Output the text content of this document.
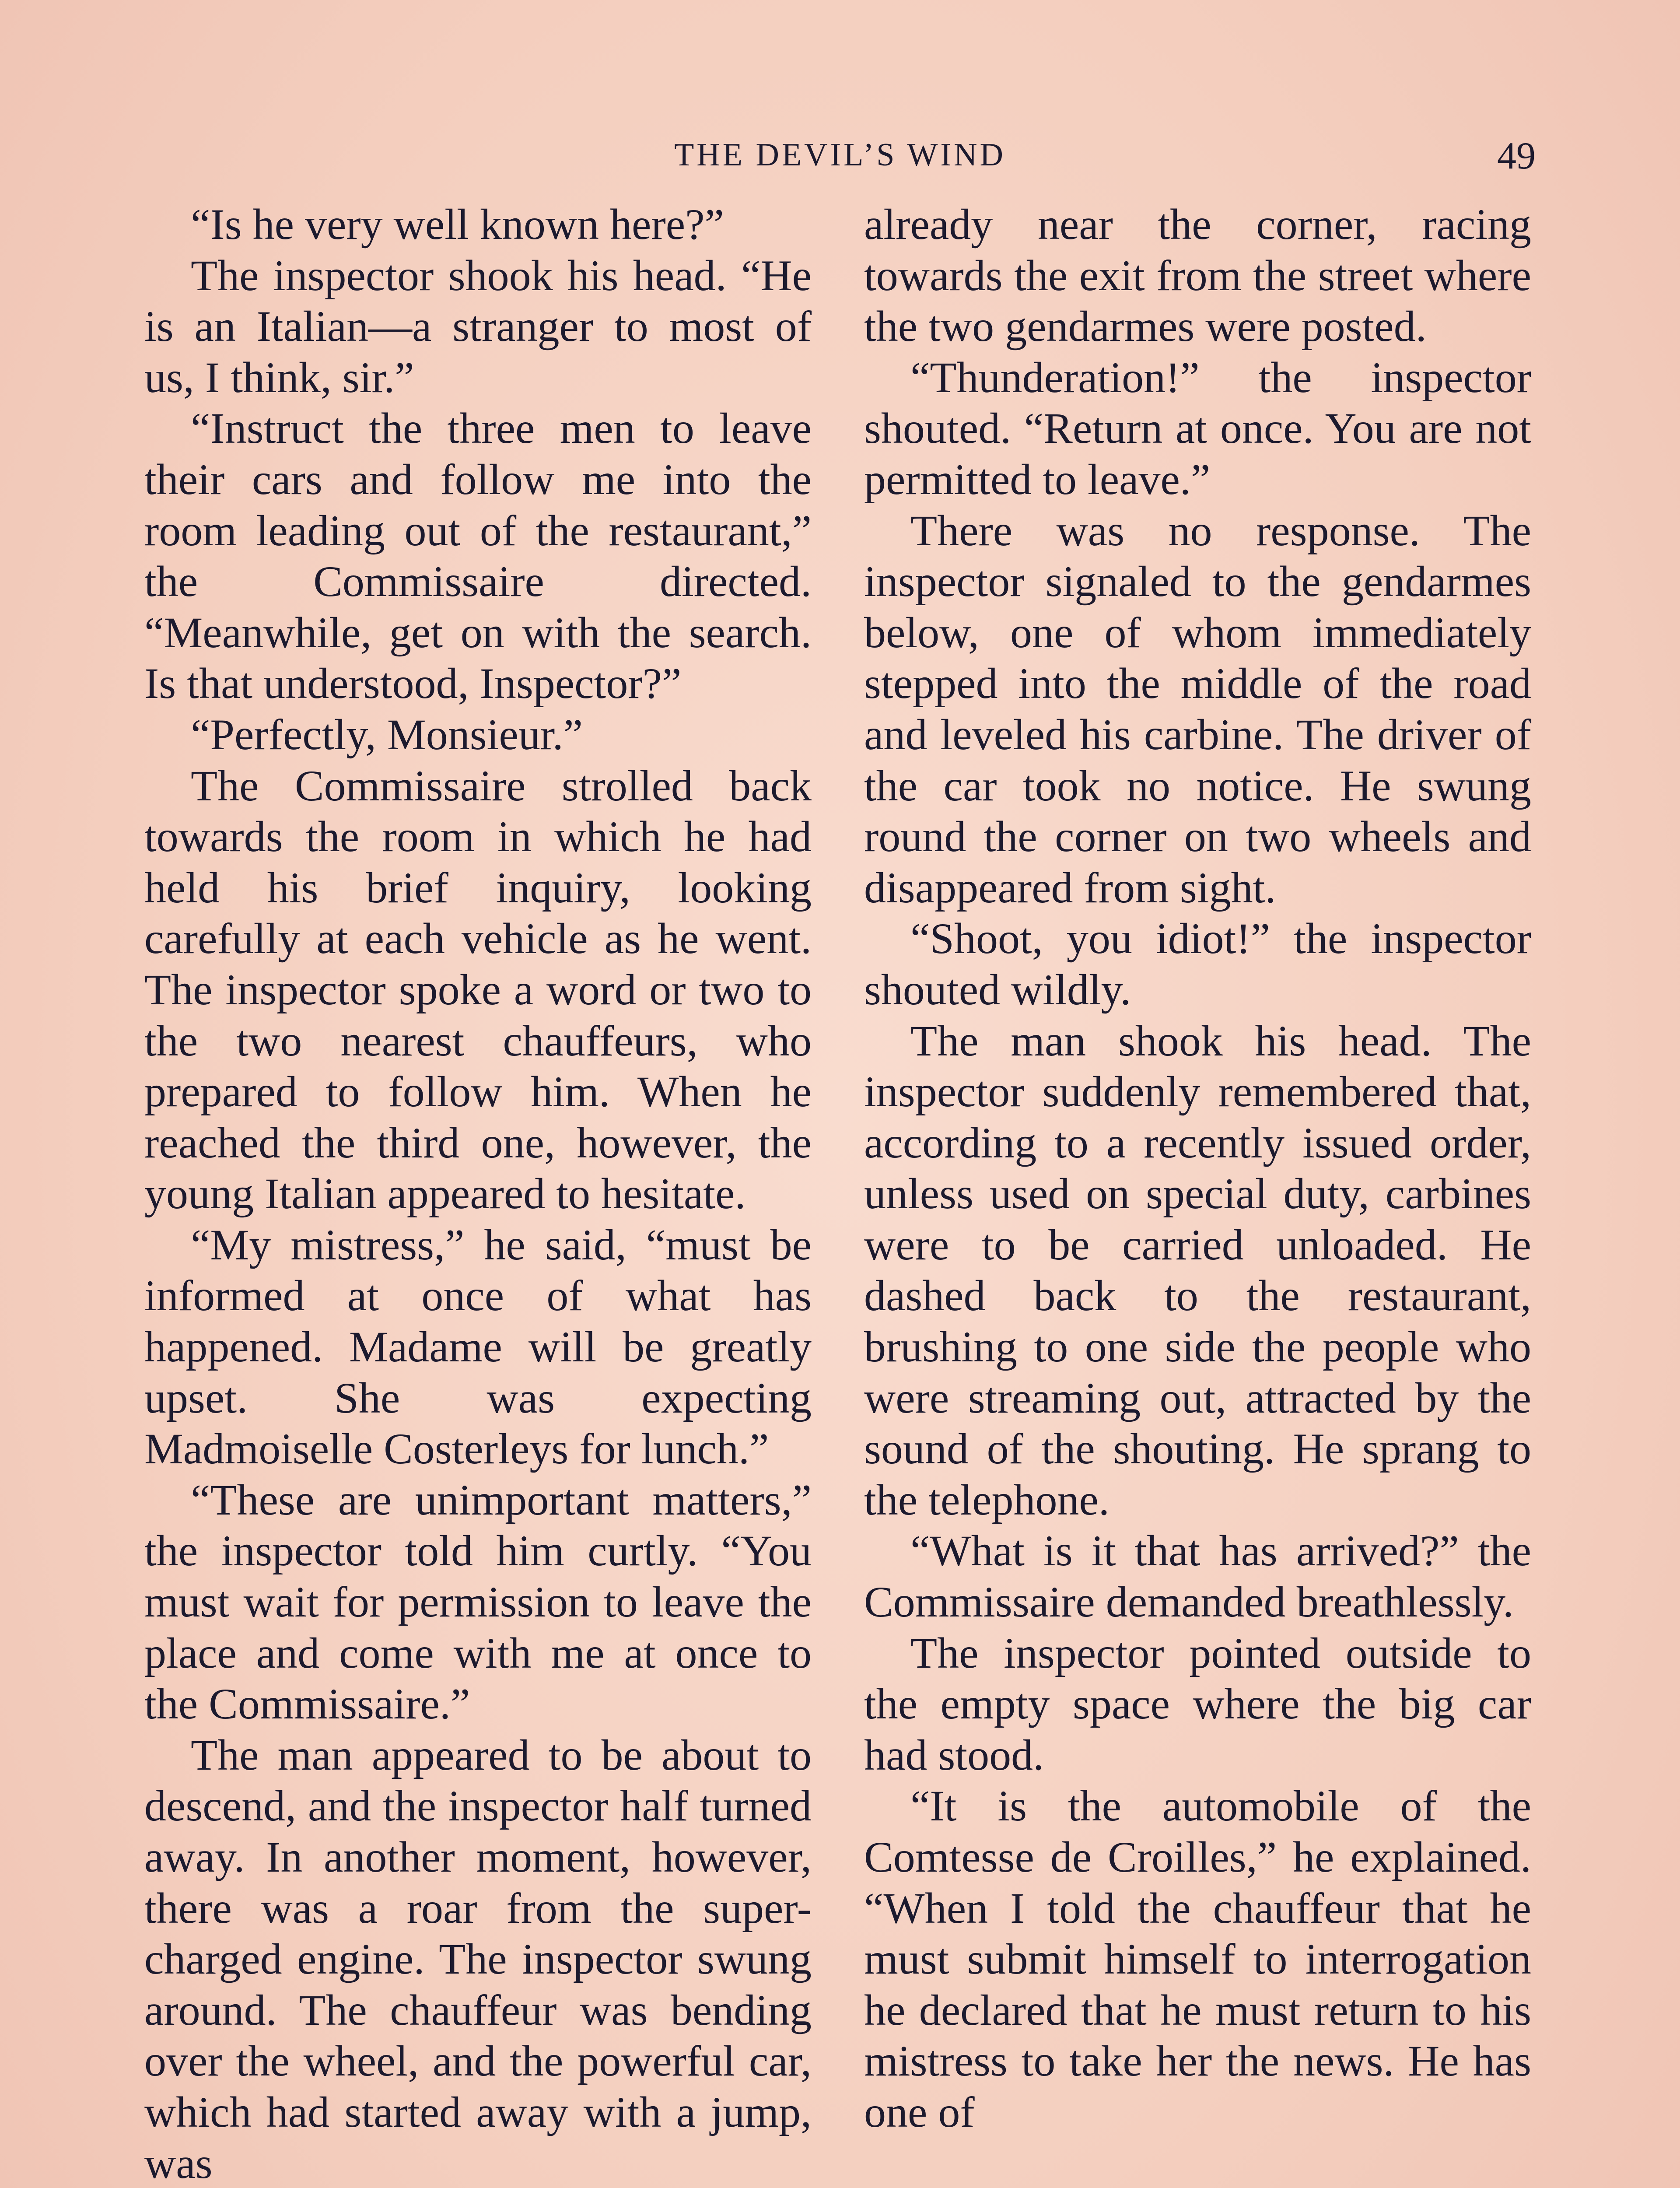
THE DEVIL’S WIND	49

“Is he very well known here?”

The inspector shook his head. “He is an Italian—a stranger to most of us, I think, sir.”

“Instruct the three men to leave their cars and follow me into the room leading out of the restaurant,” the Commissaire directed. “Meanwhile, get on with the search. Is that understood, Inspector?”

“Perfectly, Monsieur.”

The Commissaire strolled back towards the room in which he had held his brief inquiry, looking carefully at each vehicle as he went. The inspector spoke a word or two to the two nearest chauffeurs, who prepared to follow him. When he reached the third one, however, the young Italian appeared to hesitate.

“My mistress,” he said, “must be informed at once of what has happened. Madame will be greatly upset. She was expecting Madmoiselle Costerleys for lunch.”

“These are unimportant matters,” the inspector told him curtly. “You must wait for permission to leave the place and come with me at once to the Commissaire.”

The man appeared to be about to descend, and the inspector half turned away. In another moment, however, there was a roar from the super-charged engine. The inspector swung around. The chauffeur was bending over the wheel, and the powerful car, which had started away with a jump, was

already near the corner, racing towards the exit from the street where the two gendarmes were posted.

“Thunderation!” the inspector shouted. “Return at once. You are not permitted to leave.”

There was no response. The inspector signaled to the gendarmes below, one of whom immediately stepped into the middle of the road and leveled his carbine. The driver of the car took no notice. He swung round the corner on two wheels and disappeared from sight.

“Shoot, you idiot!” the inspector shouted wildly.

The man shook his head. The inspector suddenly remembered that, according to a recently issued order, unless used on special duty, carbines were to be carried unloaded. He dashed back to the restaurant, brushing to one side the people who were streaming out, attracted by the sound of the shouting. He sprang to the telephone.

“What is it that has arrived?” the Commissaire demanded breathlessly.

The inspector pointed outside to the empty space where the big car had stood.

“It is the automobile of the Comtesse de Croilles,” he explained. “When I told the chauffeur that he must submit himself to interrogation he declared that he must return to his mistress to take her the news. He has one of
